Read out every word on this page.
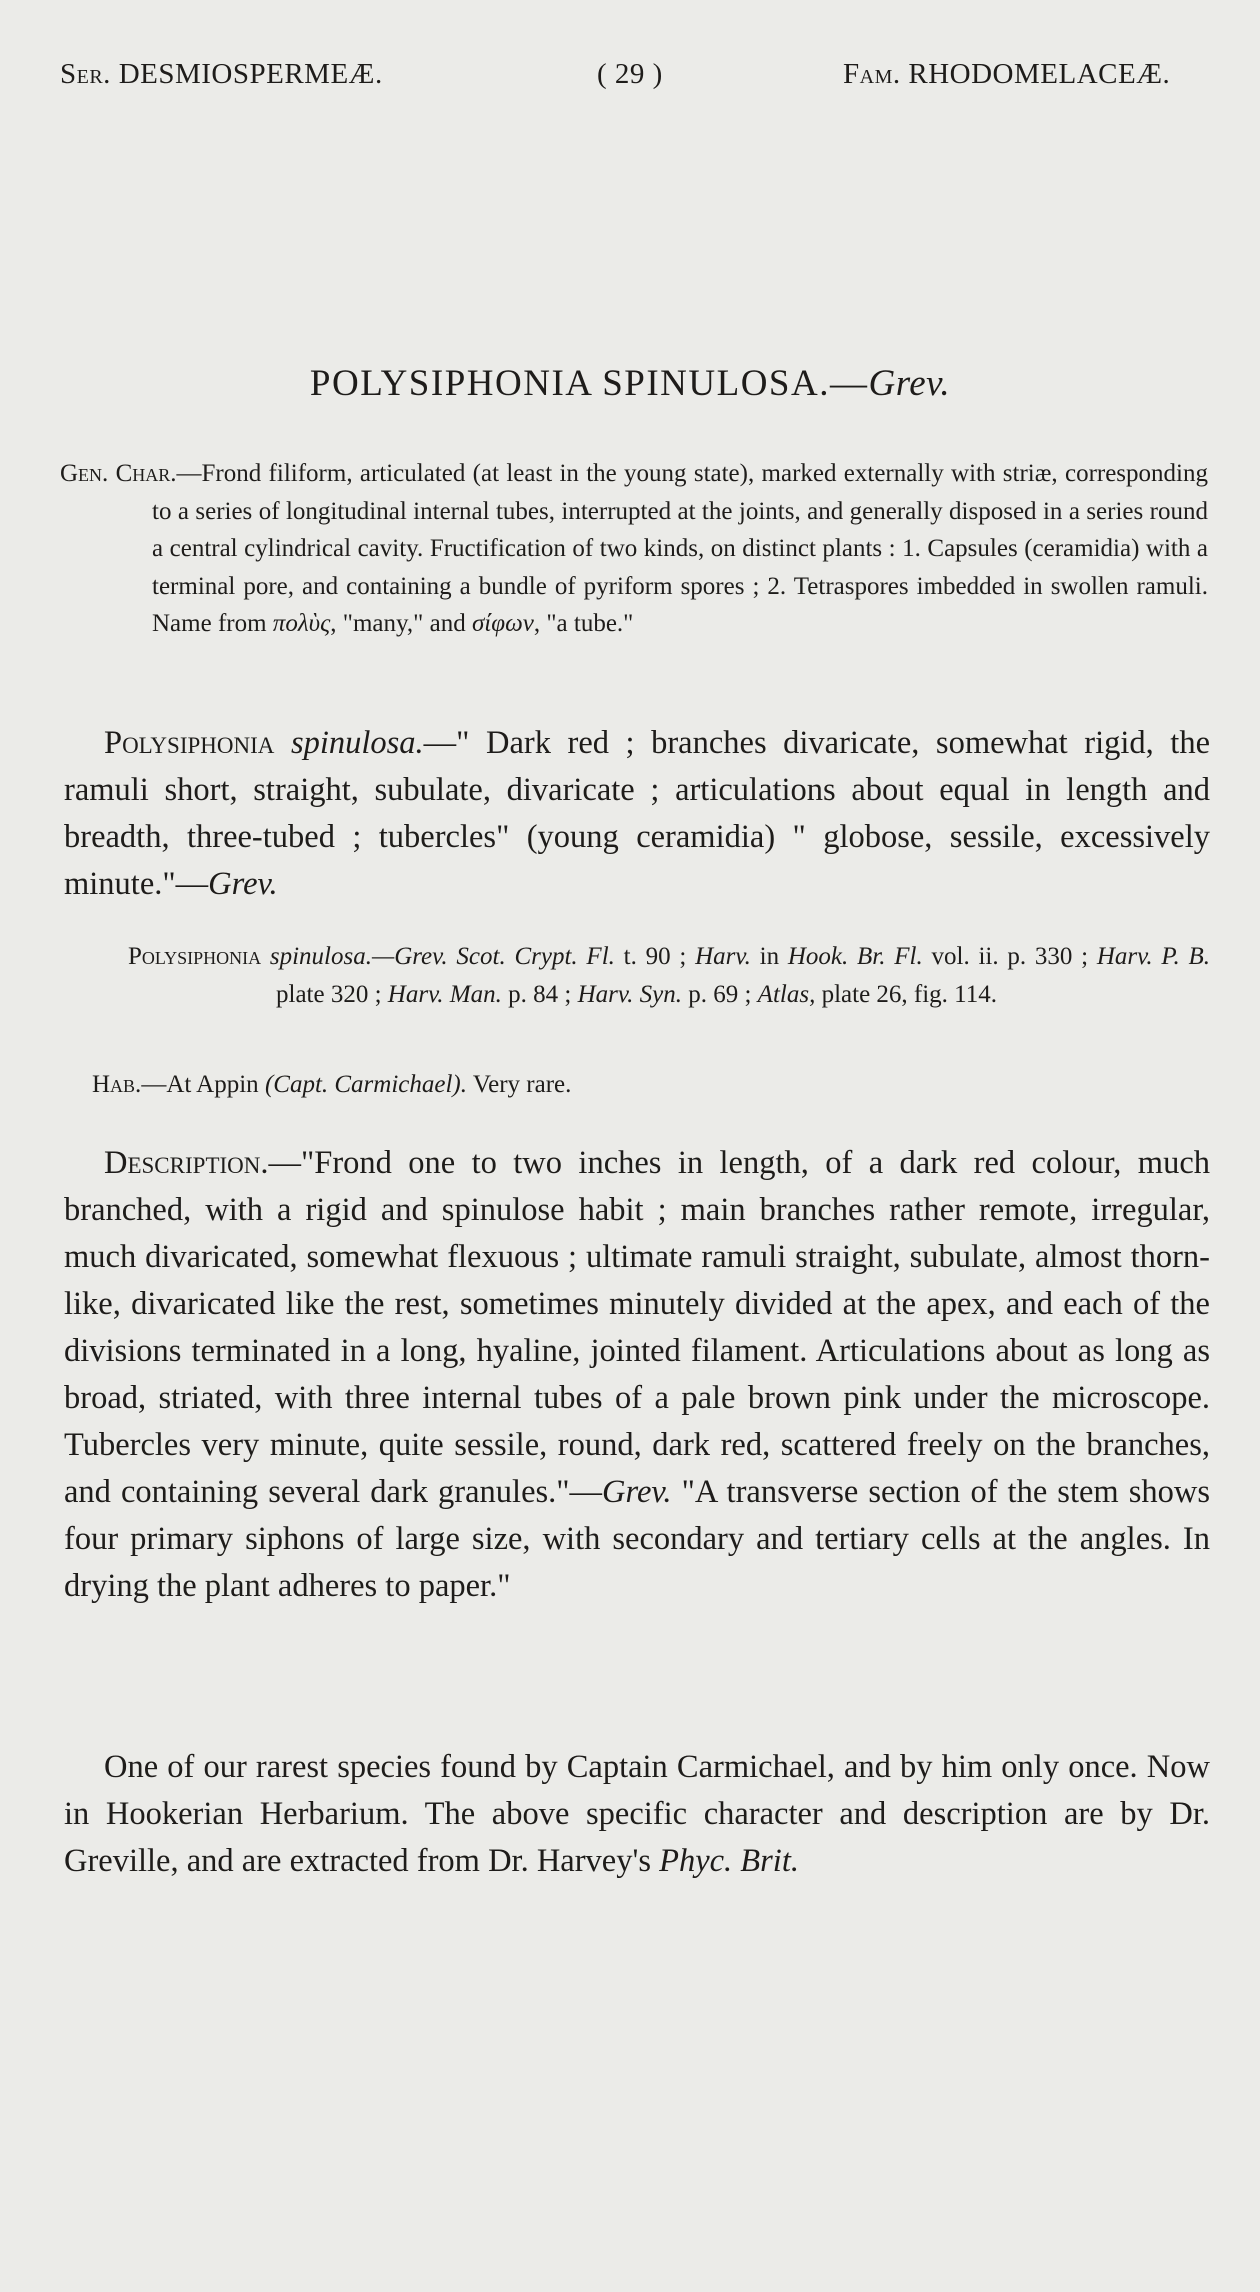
Ser. DESMIOSPERMEÆ.	( 29 )	Fam. RHODOMELACEÆ.
POLYSIPHONIA SPINULOSA.—Grev.
Gen. Char.—Frond filiform, articulated (at least in the young state), marked externally with striæ, corresponding to a series of longitudinal internal tubes, interrupted at the joints, and generally disposed in a series round a central cylindrical cavity. Fructification of two kinds, on distinct plants : 1. Capsules (ceramidia) with a terminal pore, and containing a bundle of pyriform spores ; 2. Tetraspores imbedded in swollen ramuli. Name from πολὺς, "many," and σίφων, "a tube."
Polysiphonia spinulosa.—" Dark red ; branches divaricate, somewhat rigid, the ramuli short, straight, subulate, divaricate ; articulations about equal in length and breadth, three-tubed ; tubercles" (young ceramidia) " globose, sessile, excessively minute."—Grev.
Polysiphonia spinulosa.—Grev. Scot. Crypt. Fl. t. 90 ; Harv. in Hook. Br. Fl. vol. ii. p. 330 ; Harv. P. B. plate 320 ; Harv. Man. p. 84 ; Harv. Syn. p. 69 ; Atlas, plate 26, fig. 114.
Hab.—At Appin (Capt. Carmichael). Very rare.
Description.—"Frond one to two inches in length, of a dark red colour, much branched, with a rigid and spinulose habit ; main branches rather remote, irregular, much divaricated, somewhat flexuous ; ultimate ramuli straight, subulate, almost thorn-like, divaricated like the rest, sometimes minutely divided at the apex, and each of the divisions terminated in a long, hyaline, jointed filament. Articulations about as long as broad, striated, with three internal tubes of a pale brown pink under the microscope. Tubercles very minute, quite sessile, round, dark red, scattered freely on the branches, and containing several dark granules."—Grev. "A transverse section of the stem shows four primary siphons of large size, with secondary and tertiary cells at the angles. In drying the plant adheres to paper."
One of our rarest species found by Captain Carmichael, and by him only once. Now in Hookerian Herbarium. The above specific character and description are by Dr. Greville, and are extracted from Dr. Harvey's Phyc. Brit.
